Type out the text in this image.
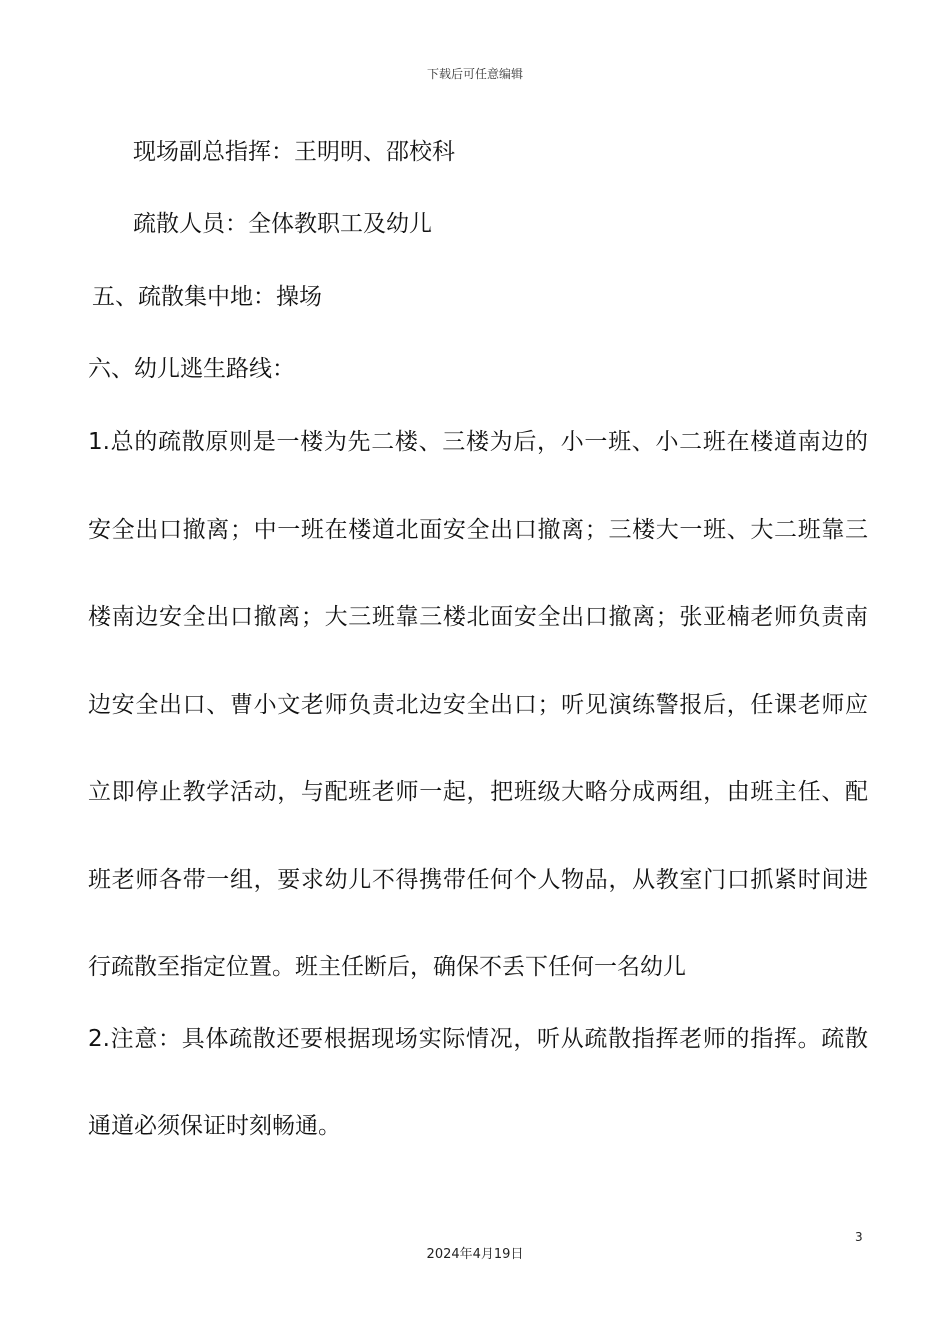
下载后可任意编辑
现场副总指挥：王明明、邵校科
疏散人员：全体教职工及幼儿
五、疏散集中地：操场
六、幼儿逃生路线：
1.总的疏散原则是一楼为先二楼、三楼为后，小一班、小二班在楼道南边的安全出口撤离；中一班在楼道北面安全出口撤离；三楼大一班、大二班靠三楼南边安全出口撤离；大三班靠三楼北面安全出口撤离；张亚楠老师负责南边安全出口、曹小文老师负责北边安全出口；听见演练警报后，任课老师应立即停止教学活动，与配班老师一起，把班级大略分成两组，由班主任、配班老师各带一组，要求幼儿不得携带任何个人物品，从教室门口抓紧时间进行疏散至指定位置。班主任断后，确保不丢下任何一名幼儿
2.注意：具体疏散还要根据现场实际情况，听从疏散指挥老师的指挥。疏散通道必须保证时刻畅通。
3
2024年4月19日
